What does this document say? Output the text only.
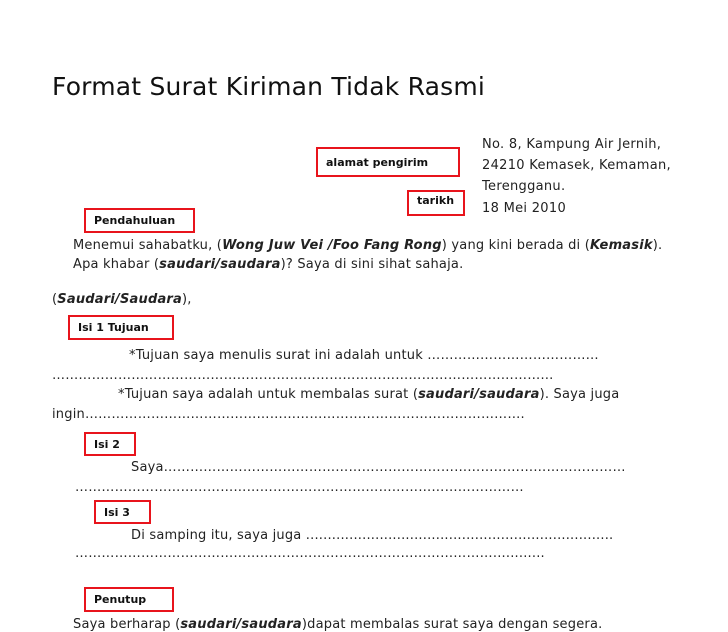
Format Surat Kiriman Tidak Rasmi
No. 8, Kampung Air Jernih,
24210 Kemasek, Kemaman,
Terengganu.
18 Mei 2010
alamat pengirim
tarikh
Pendahuluan
Menemui sahabatku, (Wong Juw Vei /Foo Fang Rong) yang kini berada di (Kemasik).
Apa khabar (saudari/saudara)? Saya di sini sihat sahaja.
(Saudari/Saudara),
Isi 1 Tujuan
*Tujuan saya menulis surat ini adalah untuk …………………………………
……………………………………………………………………………………………………
*Tujuan saya adalah untuk membalas surat (saudari/saudara). Saya juga
ingin……………………………………………………………………………………….
Isi 2
Saya……………………………………………………………………………………………
…………………………………………………………………………………………
Isi 3
Di samping itu, saya juga .......................................................................
…………………………………………………………..………………………............
Penutup
Saya berharap (saudari/saudara)dapat membalas surat saya dengan segera.
